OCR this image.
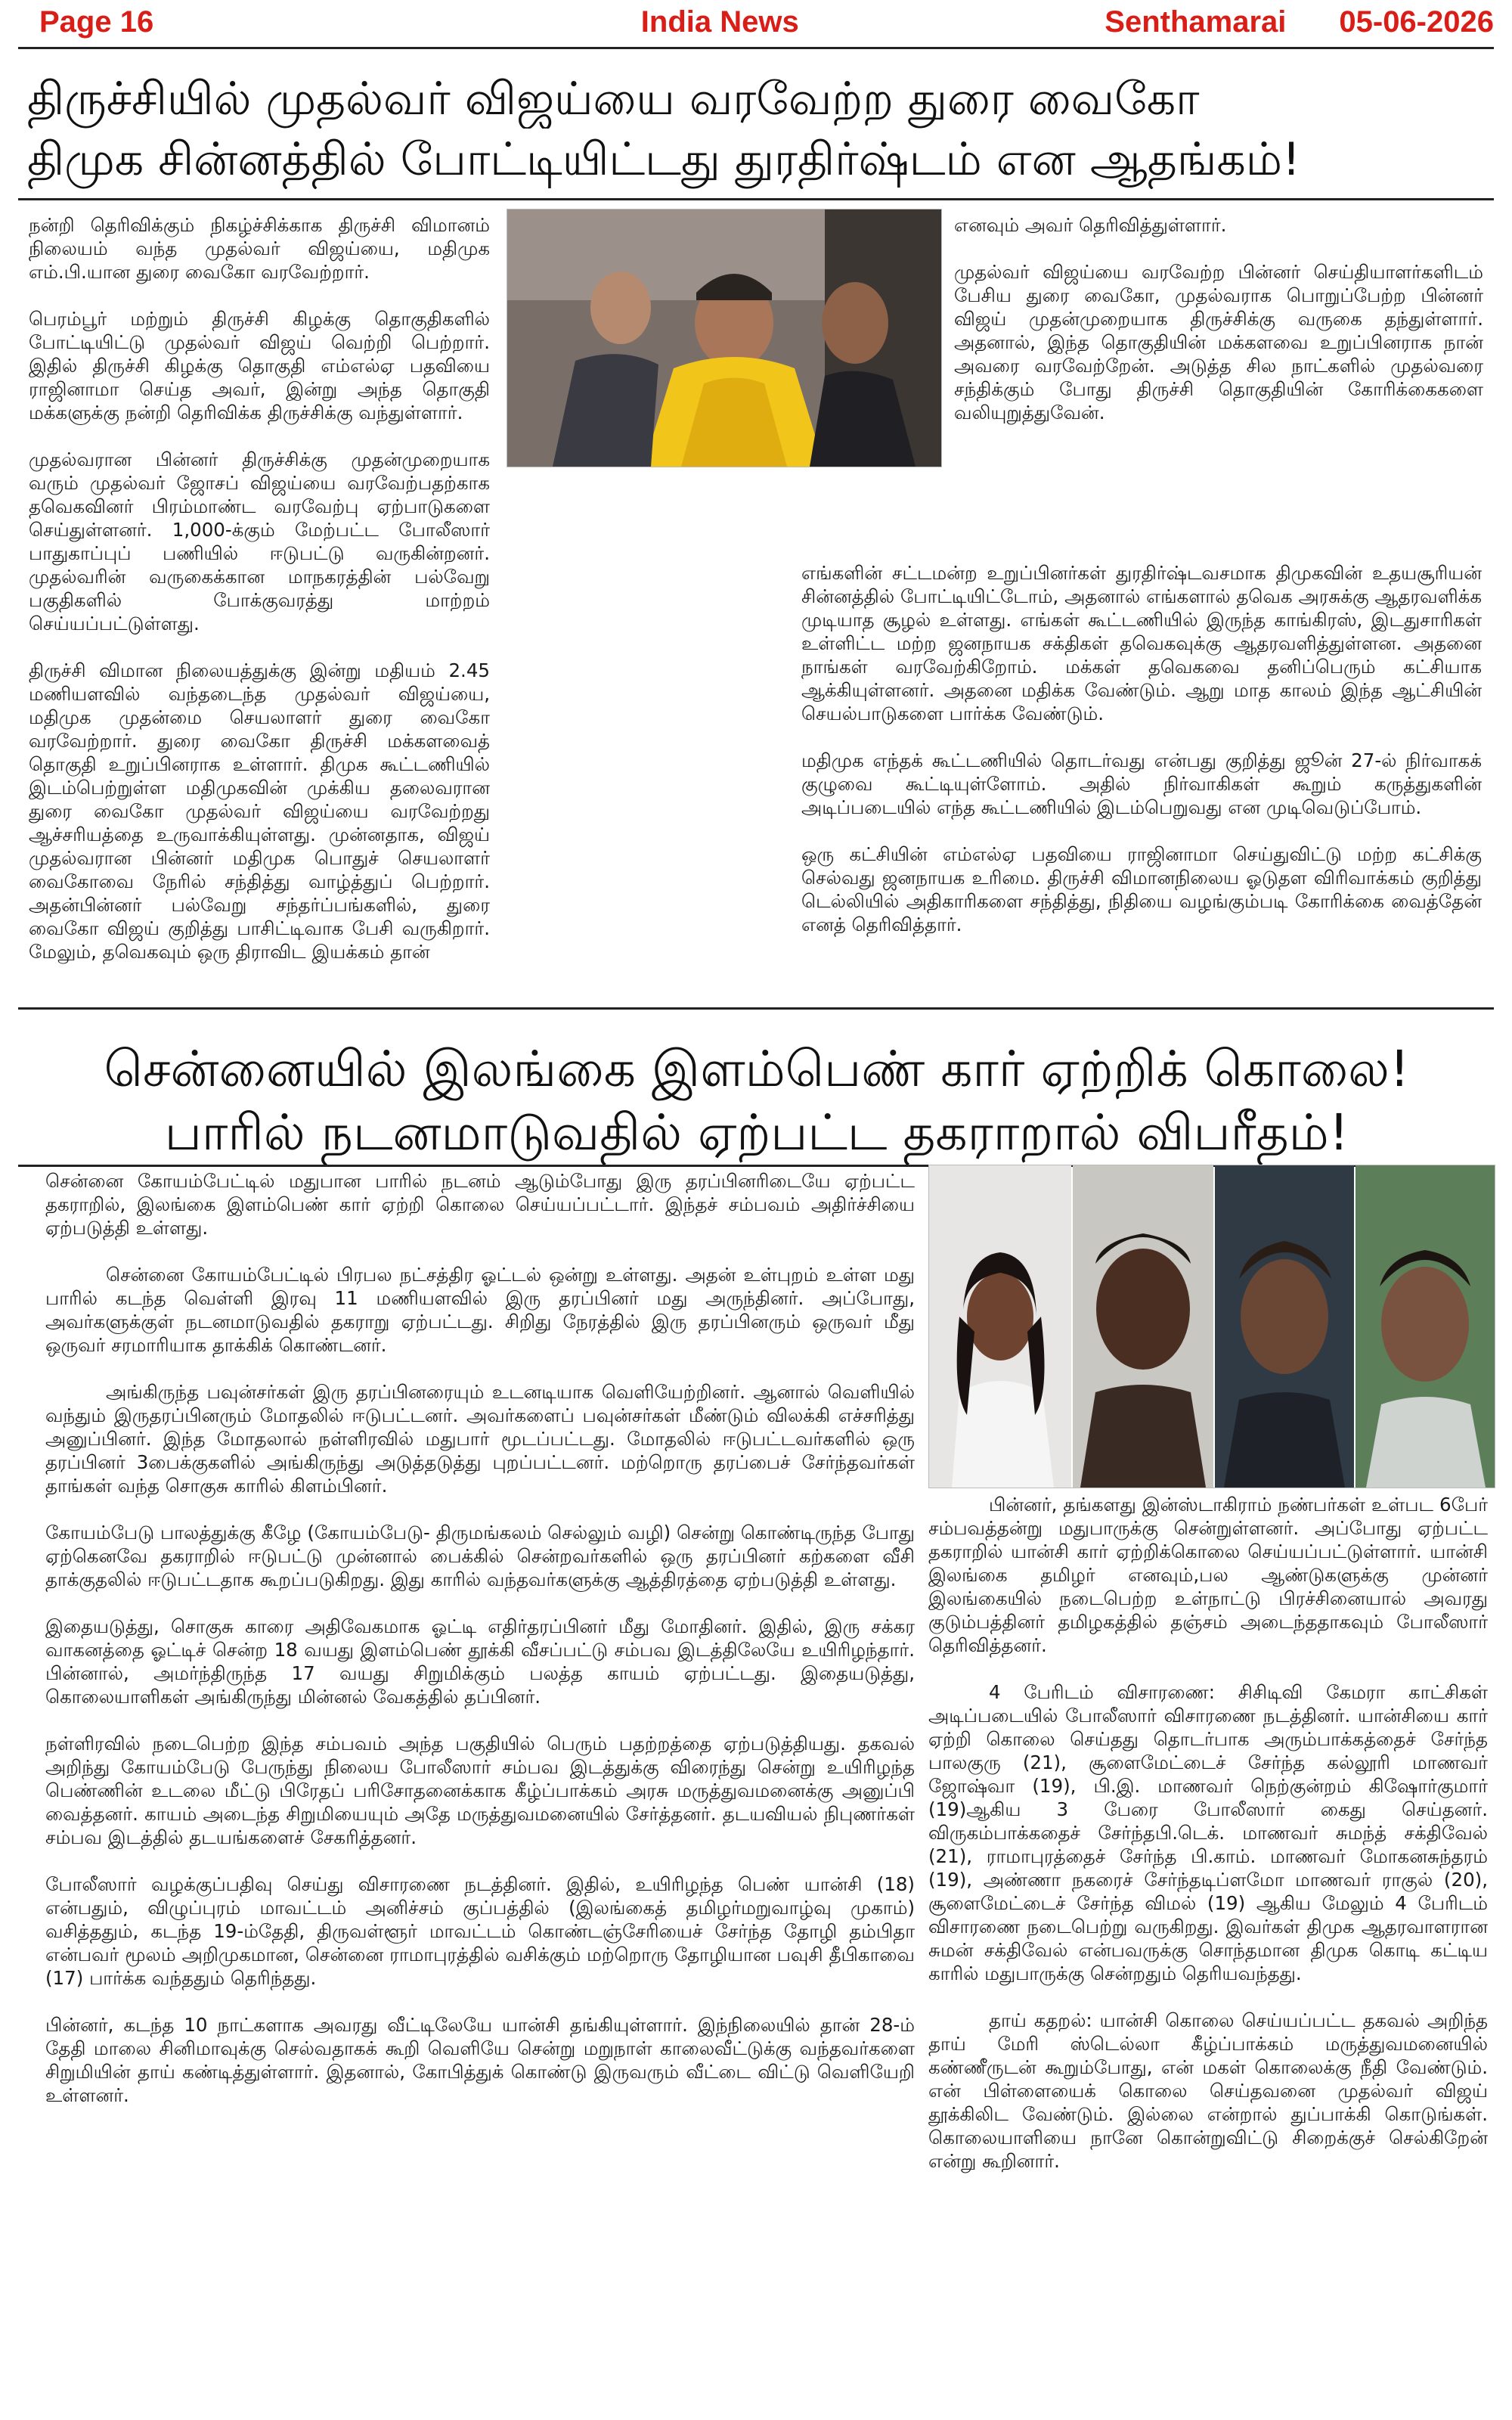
Page 16	India News	Senthamarai 05-06-2026
திருச்சியில் முதல்வர் விஜய்யை வரவேற்ற துரை வைகோ
திமுக சின்னத்தில் போட்டியிட்டது துரதிர்ஷ்டம் என ஆதங்கம்!

நன்றி தெரிவிக்கும் நிகழ்ச்சிக்காக திருச்சி விமானம் நிலையம் வந்த முதல்வர் விஜய்யை, மதிமுக எம்.பி.யான துரை வைகோ வரவேற்றார்.

பெரம்பூர் மற்றும் திருச்சி கிழக்கு தொகுதிகளில் போட்டியிட்டு முதல்வர் விஜய் வெற்றி பெற்றார். இதில் திருச்சி கிழக்கு தொகுதி எம்எல்ஏ பதவியை ராஜினாமா செய்த அவர், இன்று அந்த தொகுதி மக்களுக்கு நன்றி தெரிவிக்க திருச்சிக்கு வந்துள்ளார்.

முதல்வரான பின்னர் திருச்சிக்கு முதன்முறையாக வரும் முதல்வர் ஜோசப் விஜய்யை வரவேற்பதற்காக தவெகவினர் பிரம்மாண்ட வரவேற்பு ஏற்பாடுகளை செய்துள்ளனர். 1,000-க்கும் மேற்பட்ட போலீஸார் பாதுகாப்புப் பணியில் ஈடுபட்டு வருகின்றனர். முதல்வரின் வருகைக்கான மாநகரத்தின் பல்வேறு பகுதிகளில் போக்குவரத்து மாற்றம் செய்யப்பட்டுள்ளது.

திருச்சி விமான நிலையத்துக்கு இன்று மதியம் 2.45 மணியளவில் வந்தடைந்த முதல்வர் விஜய்யை, மதிமுக முதன்மை செயலாளர் துரை வைகோ வரவேற்றார். துரை வைகோ திருச்சி மக்களவைத் தொகுதி உறுப்பினராக உள்ளார். திமுக கூட்டணியில் இடம்பெற்றுள்ள மதிமுகவின் முக்கிய தலைவரான துரை வைகோ முதல்வர் விஜய்யை வரவேற்றது ஆச்சரியத்தை உருவாக்கியுள்ளது. முன்னதாக, விஜய் முதல்வரான பின்னர் மதிமுக பொதுச் செயலாளர் வைகோவை நேரில் சந்தித்து வாழ்த்துப் பெற்றார். அதன்பின்னர் பல்வேறு சந்தர்ப்பங்களில், துரை வைகோ விஜய் குறித்து பாசிட்டிவாக பேசி வருகிறார். மேலும், தவெகவும் ஒரு திராவிட இயக்கம் தான்

எனவும் அவர் தெரிவித்துள்ளார்.

முதல்வர் விஜய்யை வரவேற்ற பின்னர் செய்தியாளர்களிடம் பேசிய துரை வைகோ, முதல்வராக பொறுப்பேற்ற பின்னர் விஜய் முதன்முறையாக திருச்சிக்கு வருகை தந்துள்ளார். அதனால், இந்த தொகுதியின் மக்களவை உறுப்பினராக நான் அவரை வரவேற்றேன். அடுத்த சில நாட்களில் முதல்வரை சந்திக்கும் போது திருச்சி தொகுதியின் கோரிக்கைகளை வலியுறுத்துவேன்.

எங்களின் சட்டமன்ற உறுப்பினர்கள் துரதிர்ஷ்டவசமாக திமுகவின் உதயசூரியன் சின்னத்தில் போட்டியிட்டோம், அதனால் எங்களால் தவெக அரசுக்கு ஆதரவளிக்க முடியாத சூழல் உள்ளது. எங்கள் கூட்டணியில் இருந்த காங்கிரஸ், இடதுசாரிகள் உள்ளிட்ட மற்ற ஜனநாயக சக்திகள் தவெகவுக்கு ஆதரவளித்துள்ளன. அதனை நாங்கள் வரவேற்கிறோம். மக்கள் தவெகவை தனிப்பெரும் கட்சியாக ஆக்கியுள்ளனர். அதனை மதிக்க வேண்டும். ஆறு மாத காலம் இந்த ஆட்சியின் செயல்பாடுகளை பார்க்க வேண்டும்.

மதிமுக எந்தக் கூட்டணியில் தொடர்வது என்பது குறித்து ஜூன் 27-ல் நிர்வாகக் குழுவை கூட்டியுள்ளோம். அதில் நிர்வாகிகள் கூறும் கருத்துகளின் அடிப்படையில் எந்த கூட்டணியில் இடம்பெறுவது என முடிவெடுப்போம்.

ஒரு கட்சியின் எம்எல்ஏ பதவியை ராஜினாமா செய்துவிட்டு மற்ற கட்சிக்கு செல்வது ஜனநாயக உரிமை. திருச்சி விமானநிலைய ஓடுதள விரிவாக்கம் குறித்து டெல்லியில் அதிகாரிகளை சந்தித்து, நிதியை வழங்கும்படி கோரிக்கை வைத்தேன் எனத் தெரிவித்தார்.

சென்னையில் இலங்கை இளம்பெண் கார் ஏற்றிக் கொலை!
பாரில் நடனமாடுவதில் ஏற்பட்ட தகராறால் விபரீதம்!

சென்னை கோயம்பேட்டில் மதுபான பாரில் நடனம் ஆடும்போது இரு தரப்பினரிடையே ஏற்பட்ட தகராறில், இலங்கை இளம்பெண் கார் ஏற்றி கொலை செய்யப்பட்டார். இந்தச் சம்பவம் அதிர்ச்சியை ஏற்படுத்தி உள்ளது.

சென்னை கோயம்பேட்டில் பிரபல நட்சத்திர ஓட்டல் ஒன்று உள்ளது. அதன் உள்புறம் உள்ள மது பாரில் கடந்த வெள்ளி இரவு 11 மணியளவில் இரு தரப்பினர் மது அருந்தினர். அப்போது, அவர்களுக்குள் நடனமாடுவதில் தகராறு ஏற்பட்டது. சிறிது நேரத்தில் இரு தரப்பினரும் ஒருவர் மீது ஒருவர் சரமாரியாக தாக்கிக் கொண்டனர்.

அங்கிருந்த பவுன்சர்கள் இரு தரப்பினரையும் உடனடியாக வெளியேற்றினர். ஆனால் வெளியில் வந்தும் இருதரப்பினரும் மோதலில் ஈடுபட்டனர். அவர்களைப் பவுன்சர்கள் மீண்டும் விலக்கி எச்சரித்து அனுப்பினர். இந்த மோதலால் நள்ளிரவில் மதுபார் மூடப்பட்டது. மோதலில் ஈடுபட்டவர்களில் ஒரு தரப்பினர் 3பைக்குகளில் அங்கிருந்து அடுத்தடுத்து புறப்பட்டனர். மற்றொரு தரப்பைச் சேர்ந்தவர்கள் தாங்கள் வந்த சொகுசு காரில் கிளம்பினர்.

கோயம்பேடு பாலத்துக்கு கீழே (கோயம்பேடு- திருமங்கலம் செல்லும் வழி) சென்று கொண்டிருந்த போது ஏற்கெனவே தகராறில் ஈடுபட்டு முன்னால் பைக்கில் சென்றவர்களில் ஒரு தரப்பினர் கற்களை வீசி தாக்குதலில் ஈடுபட்டதாக கூறப்படுகிறது. இது காரில் வந்தவர்களுக்கு ஆத்திரத்தை ஏற்படுத்தி உள்ளது.

இதையடுத்து, சொகுசு காரை அதிவேகமாக ஓட்டி எதிர்தரப்பினர் மீது மோதினர். இதில், இரு சக்கர வாகனத்தை ஓட்டிச் சென்ற 18 வயது இளம்பெண் தூக்கி வீசப்பட்டு சம்பவ இடத்திலேயே உயிரிழந்தார். பின்னால், அமர்ந்திருந்த 17 வயது சிறுமிக்கும் பலத்த காயம் ஏற்பட்டது. இதையடுத்து, கொலையாளிகள் அங்கிருந்து மின்னல் வேகத்தில் தப்பினர்.

நள்ளிரவில் நடைபெற்ற இந்த சம்பவம் அந்த பகுதியில் பெரும் பதற்றத்தை ஏற்படுத்தியது. தகவல் அறிந்து கோயம்பேடு பேருந்து நிலைய போலீஸார் சம்பவ இடத்துக்கு விரைந்து சென்று உயிரிழந்த பெண்ணின் உடலை மீட்டு பிரேதப் பரிசோதனைக்காக கீழ்ப்பாக்கம் அரசு மருத்துவமனைக்கு அனுப்பி வைத்தனர். காயம் அடைந்த சிறுமியையும் அதே மருத்துவமனையில் சேர்த்தனர். தடயவியல் நிபுணர்கள் சம்பவ இடத்தில் தடயங்களைச் சேகரித்தனர்.

போலீஸார் வழக்குப்பதிவு செய்து விசாரணை நடத்தினர். இதில், உயிரிழந்த பெண் யான்சி (18) என்பதும், விழுப்புரம் மாவட்டம் அனிச்சம் குப்பத்தில் (இலங்கைத் தமிழர்மறுவாழ்வு முகாம்) வசித்ததும், கடந்த 19-ம்தேதி, திருவள்ளூர் மாவட்டம் கொண்டஞ்சேரியைச் சேர்ந்த தோழி தம்பிதா என்பவர் மூலம் அறிமுகமான, சென்னை ராமாபுரத்தில் வசிக்கும் மற்றொரு தோழியான பவுசி தீபிகாவை (17) பார்க்க வந்ததும் தெரிந்தது.

பின்னர், கடந்த 10 நாட்களாக அவரது வீட்டிலேயே யான்சி தங்கியுள்ளார். இந்நிலையில் தான் 28-ம் தேதி மாலை சினிமாவுக்கு செல்வதாகக் கூறி வெளியே சென்று மறுநாள் காலைவீட்டுக்கு வந்தவர்களை சிறுமியின் தாய் கண்டித்துள்ளார். இதனால், கோபித்துக் கொண்டு இருவரும் வீட்டை விட்டு வெளியேறி உள்ளனர்.

பின்னர், தங்களது இன்ஸ்டாகிராம் நண்பர்கள் உள்பட 6பேர் சம்பவத்தன்று மதுபாருக்கு சென்றுள்ளனர். அப்போது ஏற்பட்ட தகராறில் யான்சி கார் ஏற்றிக்கொலை செய்யப்பட்டுள்ளார். யான்சி இலங்கை தமிழர் எனவும்,பல ஆண்டுகளுக்கு முன்னர் இலங்கையில் நடைபெற்ற உள்நாட்டு பிரச்சினையால் அவரது குடும்பத்தினர் தமிழகத்தில் தஞ்சம் அடைந்ததாகவும் போலீஸார் தெரிவித்தனர்.

4 பேரிடம் விசாரணை: சிசிடிவி கேமரா காட்சிகள் அடிப்படையில் போலீஸார் விசாரணை நடத்தினர். யான்சியை கார் ஏற்றி கொலை செய்தது தொடர்பாக அரும்பாக்கத்தைச் சேர்ந்த பாலகுரு (21), சூளைமேட்டைச் சேர்ந்த கல்லூரி மாணவர் ஜோஷ்வா (19), பி.இ. மாணவர் நெற்குன்றம் கிஷோர்குமார் (19)ஆகிய 3 பேரை போலீஸார் கைது செய்தனர். விருகம்பாக்கதைச் சேர்ந்தபி.டெக். மாணவர் சுமந்த் சக்திவேல் (21), ராமாபுரத்தைச் சேர்ந்த பி.காம். மாணவர் மோகனசுந்தரம் (19), அண்ணா நகரைச் சேர்ந்தடிப்ளமோ மாணவர் ராகுல் (20), சூளைமேட்டைச் சேர்ந்த விமல் (19) ஆகிய மேலும் 4 பேரிடம் விசாரணை நடைபெற்று வருகிறது. இவர்கள் திமுக ஆதரவாளரான சுமன் சக்திவேல் என்பவருக்கு சொந்தமான திமுக கொடி கட்டிய காரில் மதுபாருக்கு சென்றதும் தெரியவந்தது.

தாய் கதறல்: யான்சி கொலை செய்யப்பட்ட தகவல் அறிந்த தாய் மேரி ஸ்டெல்லா கீழ்ப்பாக்கம் மருத்துவமனையில் கண்ணீருடன் கூறும்போது, என் மகள் கொலைக்கு நீதி வேண்டும். என் பிள்ளையைக் கொலை செய்தவனை முதல்வர் விஜய் தூக்கிலிட வேண்டும். இல்லை என்றால் துப்பாக்கி கொடுங்கள். கொலையாளியை நானே கொன்றுவிட்டு சிறைக்குச் செல்கிறேன் என்று கூறினார்.
